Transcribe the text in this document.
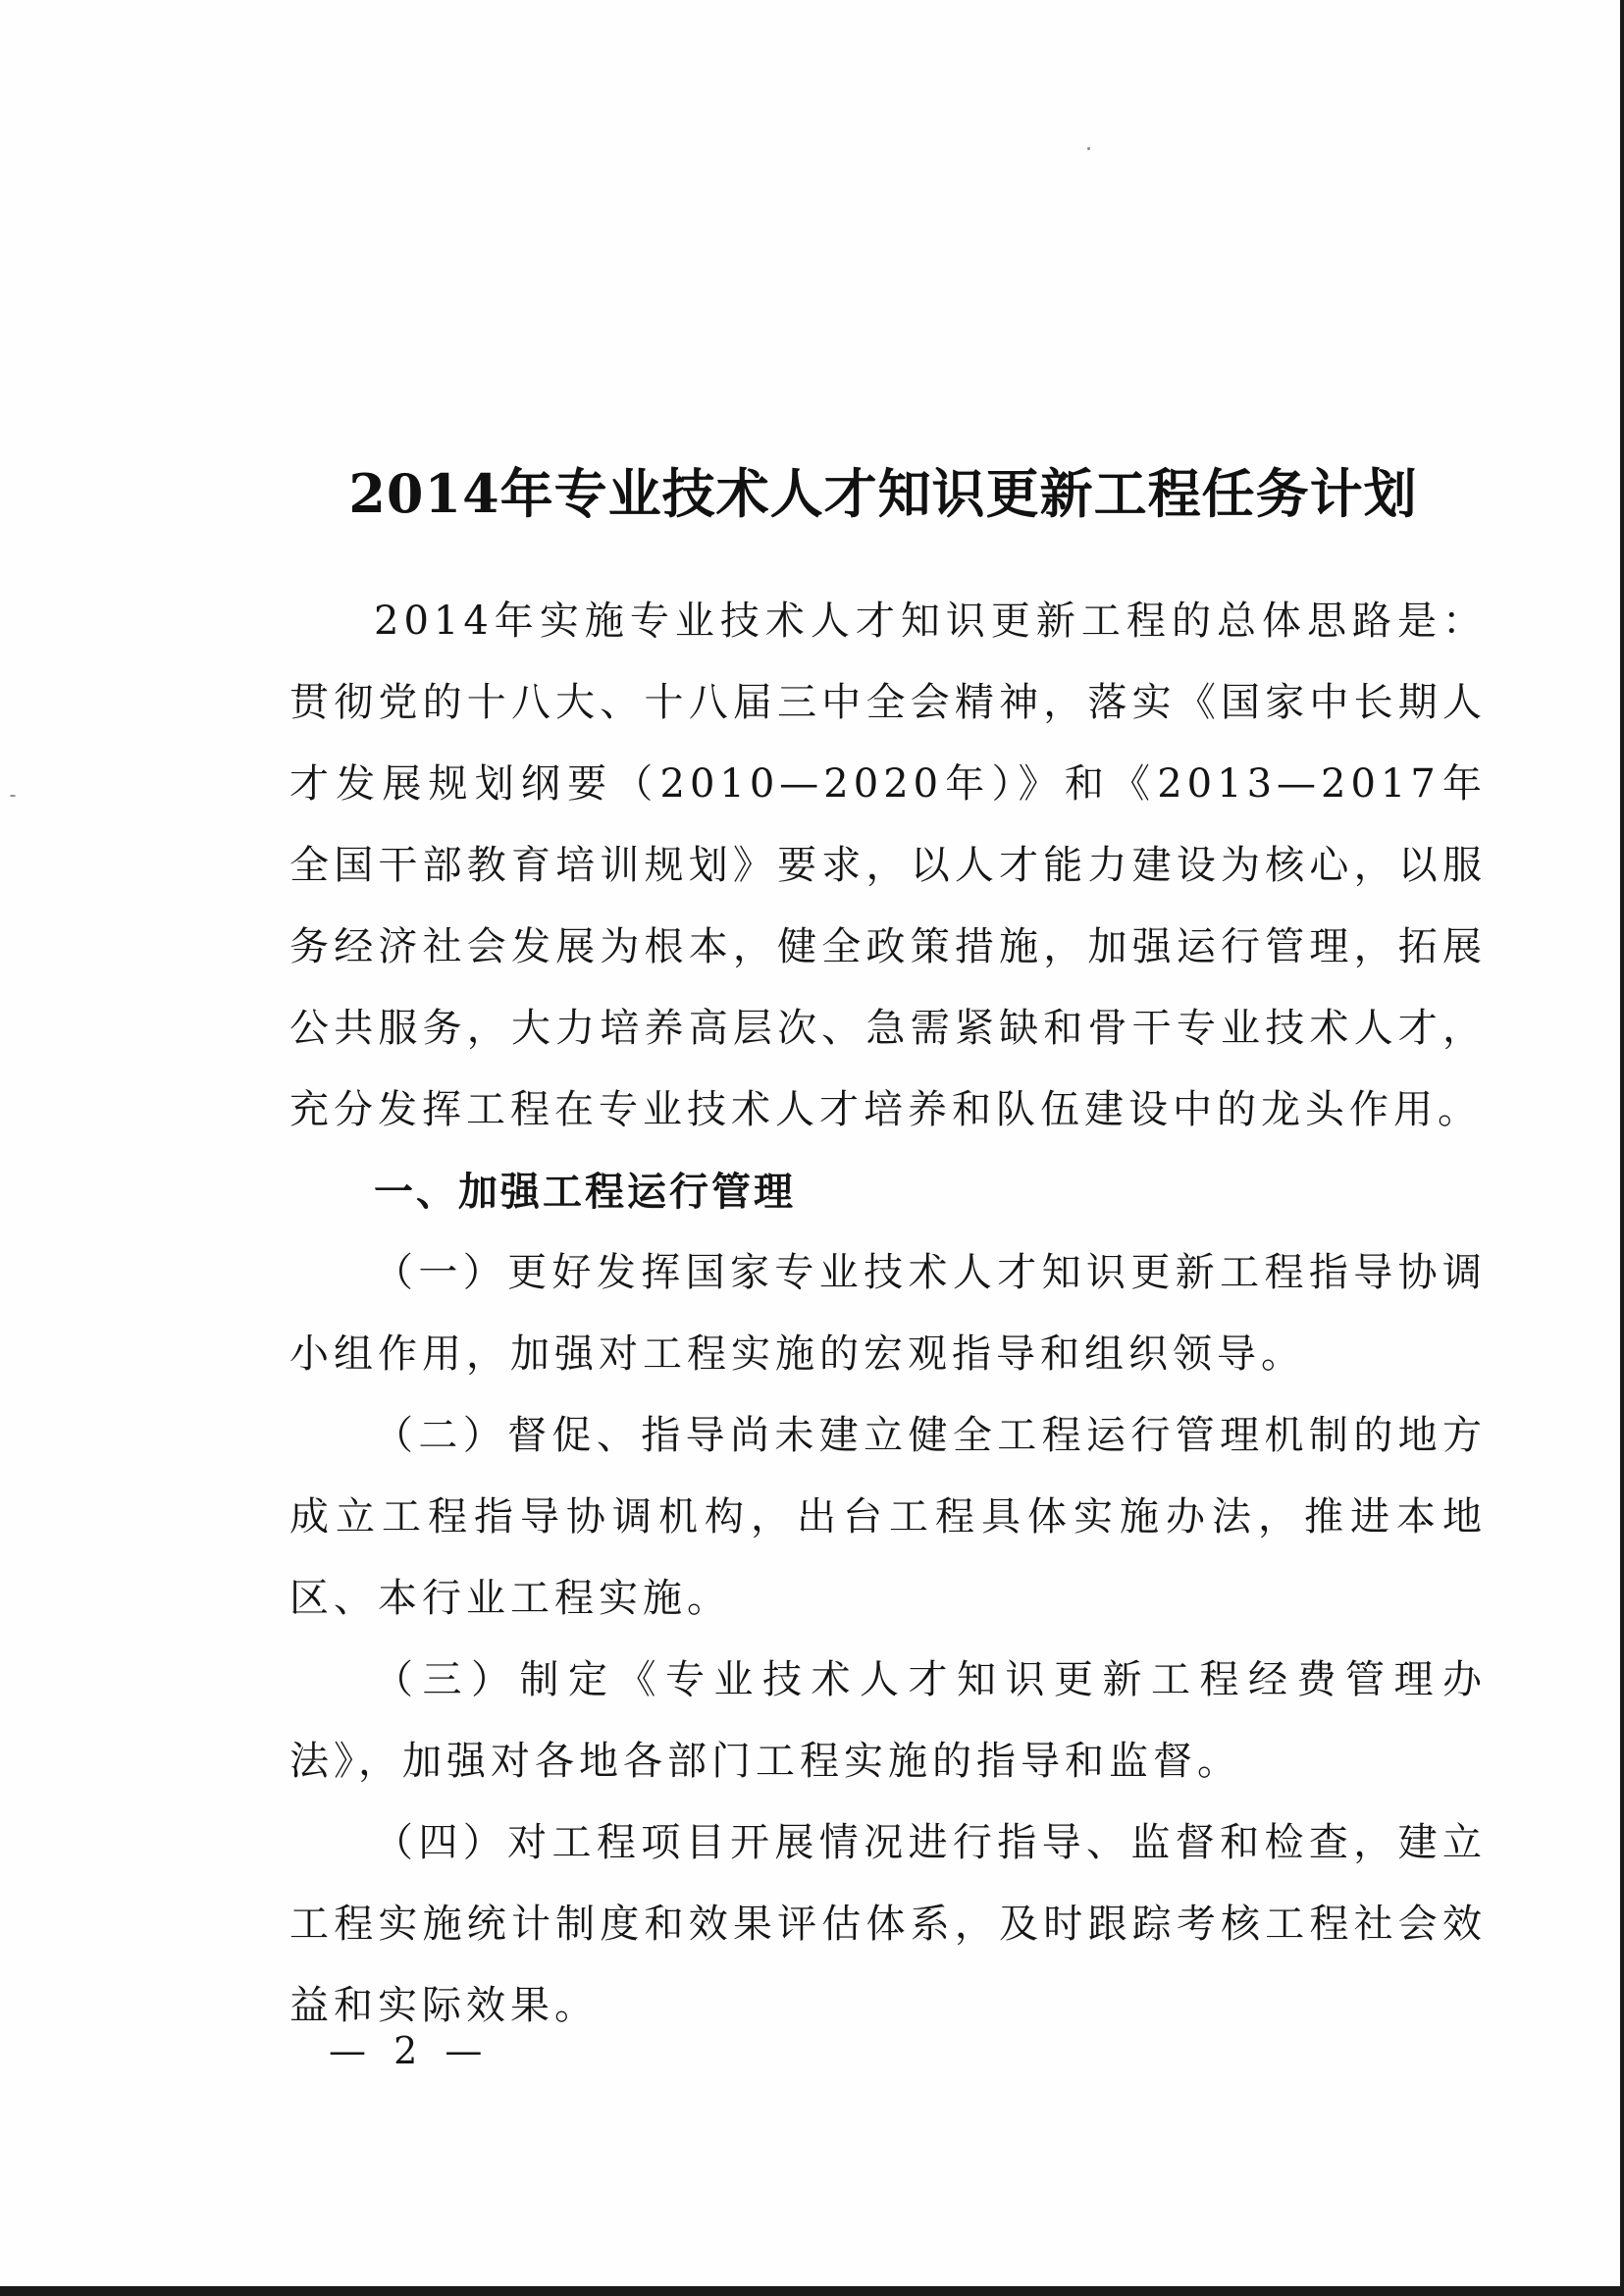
2014年专业技术人才知识更新工程任务计划

2014年实施专业技术人才知识更新工程的总体思路是：贯彻党的十八大、十八届三中全会精神，落实《国家中长期人才发展规划纲要（2010—2020年）》和《2013—2017年全国干部教育培训规划》要求，以人才能力建设为核心，以服务经济社会发展为根本，健全政策措施，加强运行管理，拓展公共服务，大力培养高层次、急需紧缺和骨干专业技术人才，充分发挥工程在专业技术人才培养和队伍建设中的龙头作用。

一、加强工程运行管理

（一）更好发挥国家专业技术人才知识更新工程指导协调小组作用，加强对工程实施的宏观指导和组织领导。

（二）督促、指导尚未建立健全工程运行管理机制的地方成立工程指导协调机构，出台工程具体实施办法，推进本地区、本行业工程实施。

（三）制定《专业技术人才知识更新工程经费管理办法》，加强对各地各部门工程实施的指导和监督。

（四）对工程项目开展情况进行指导、监督和检查，建立工程实施统计制度和效果评估体系，及时跟踪考核工程社会效益和实际效果。

— 2 —
